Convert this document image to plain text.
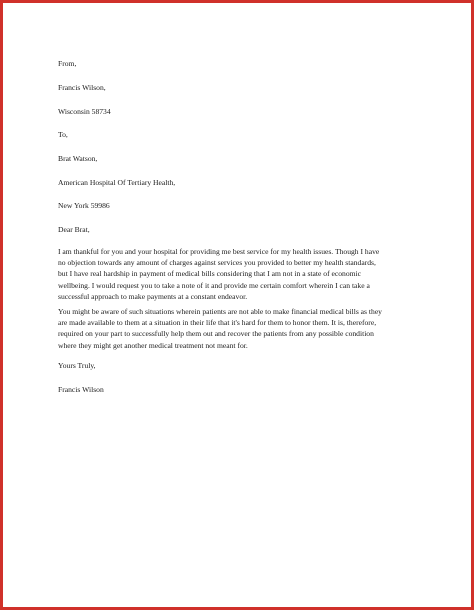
From,
Francis Wilson,
Wisconsin 58734
To,
Brat Watson,
American Hospital Of Tertiary Health,
New York 59986
Dear Brat,
I am thankful for you and your hospital for providing me best service for my health issues. Though I have
no objection towards any amount of charges against services you provided to better my health standards,
but I have real hardship in payment of medical bills considering that I am not in a state of economic
wellbeing. I would request you to take a note of it and provide me certain comfort wherein I can take a
successful approach to make payments at a constant endeavor.
You might be aware of such situations wherein patients are not able to make financial medical bills as they
are made available to them at a situation in their life that it's hard for them to honor them. It is, therefore,
required on your part to successfully help them out and recover the patients from any possible condition
where they might get another medical treatment not meant for.
Yours Truly,
Francis Wilson
